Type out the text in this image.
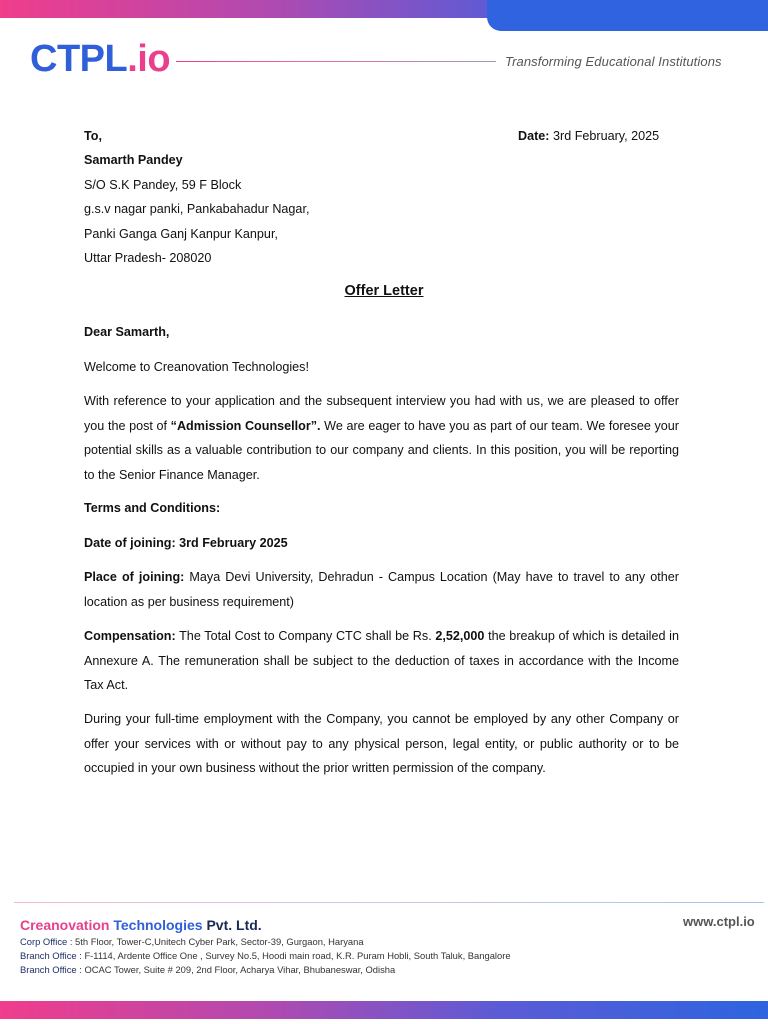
CTPL.io	Transforming Educational Institutions
To,
Samarth Pandey
S/O S.K Pandey, 59 F Block
g.s.v nagar panki, Pankabahadur Nagar,
Panki Ganga Ganj Kanpur Kanpur,
Uttar Pradesh- 208020
Date: 3rd February, 2025
Offer Letter
Dear Samarth,
Welcome to Creanovation Technologies!
With reference to your application and the subsequent interview you had with us, we are pleased to offer you the post of “Admission Counsellor”. We are eager to have you as part of our team. We foresee your potential skills as a valuable contribution to our company and clients. In this position, you will be reporting to the Senior Finance Manager.
Terms and Conditions:
Date of joining: 3rd February 2025
Place of joining: Maya Devi University, Dehradun - Campus Location (May have to travel to any other location as per business requirement)
Compensation: The Total Cost to Company CTC shall be Rs. 2,52,000 the breakup of which is detailed in Annexure A. The remuneration shall be subject to the deduction of taxes in accordance with the Income Tax Act.
During your full-time employment with the Company, you cannot be employed by any other Company or offer your services with or without pay to any physical person, legal entity, or public authority or to be occupied in your own business without the prior written permission of the company.
Creanovation Technologies Pvt. Ltd.	www.ctpl.io
Corp Office : 5th Floor, Tower-C,Unitech Cyber Park, Sector-39, Gurgaon, Haryana
Branch Office : F-1114, Ardente Office One , Survey No.5, Hoodi main road, K.R. Puram Hobli, South Taluk, Bangalore
Branch Office : OCAC Tower, Suite # 209, 2nd Floor, Acharya Vihar, Bhubaneswar, Odisha
